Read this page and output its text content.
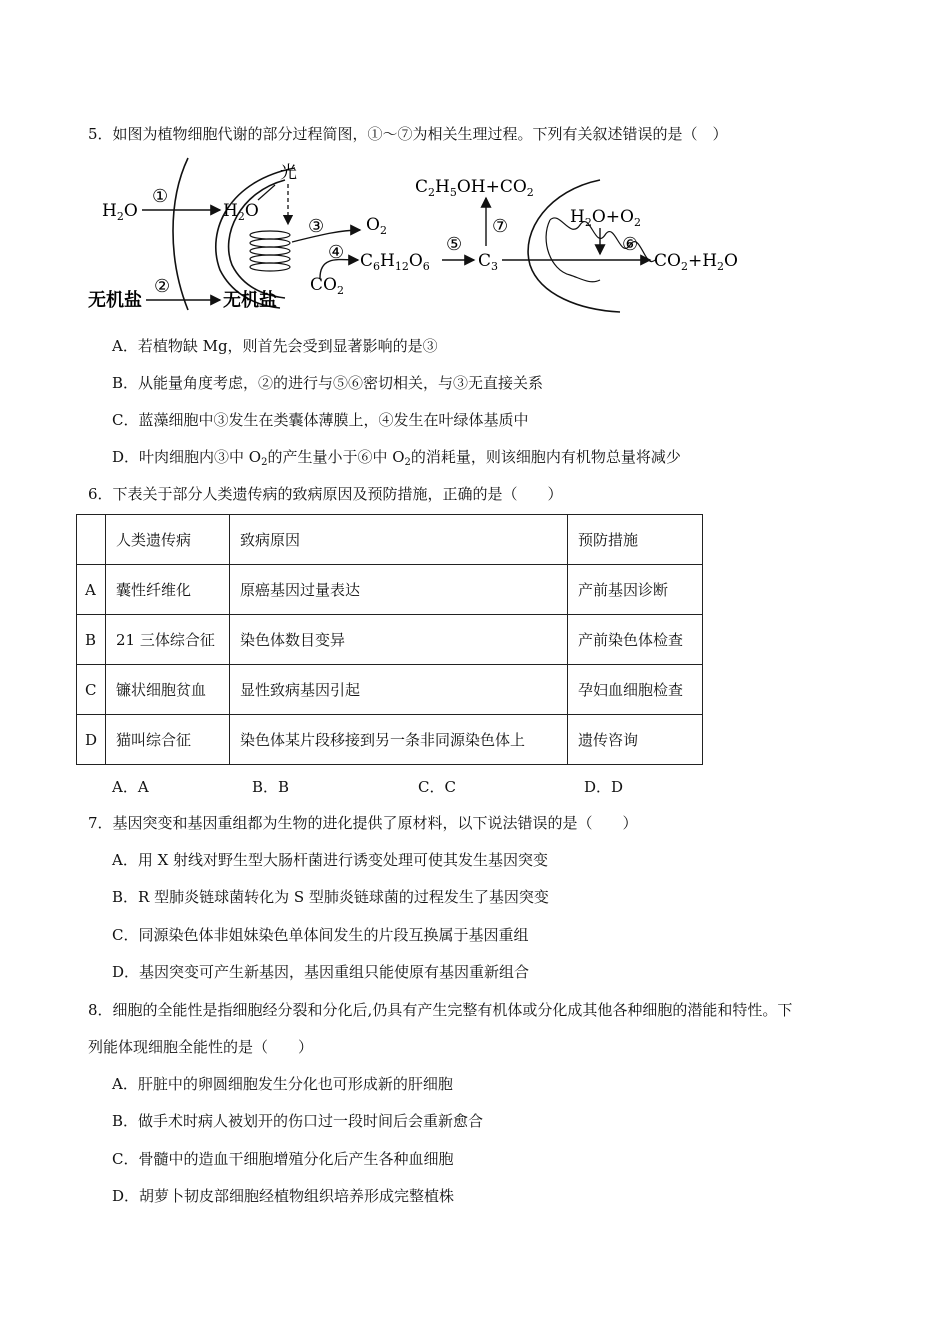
5．如图为植物细胞代谢的部分过程简图，①～⑦为相关生理过程。下列有关叙述错误的是（　）
$H_2O$
①
$H_2O$
光
③ $O_2$
④
$CO_2$
$C_6H_{12}O_6$
⑤
$C_3$
⑦
$C_2H_5OH+CO_2$
$H_2O+O_2$
⑥
$CO_2+H_2O$
无机盐
②
无机盐
A．若植物缺 Mg，则首先会受到显著影响的是③
B．从能量角度考虑，②的进行与⑤⑥密切相关，与③无直接关系
C．蓝藻细胞中③发生在类囊体薄膜上，④发生在叶绿体基质中
D．叶肉细胞内③中 $O_2$的产生量小于⑥中 $O_2$的消耗量，则该细胞内有机物总量将减少
6．下表关于部分人类遗传病的致病原因及预防措施，正确的是（　　）
	人类遗传病	致病原因	预防措施
A	囊性纤维化	原癌基因过量表达	产前基因诊断
B	21 三体综合征	染色体数目变异	产前染色体检查
C	镰状细胞贫血	显性致病基因引起	孕妇血细胞检查
D	猫叫综合征	染色体某片段移接到另一条非同源染色体上	遗传咨询
A．A	B．B	C．C	D．D
7．基因突变和基因重组都为生物的进化提供了原材料，以下说法错误的是（　　）
A．用 X 射线对野生型大肠杆菌进行诱变处理可使其发生基因突变
B．R 型肺炎链球菌转化为 S 型肺炎链球菌的过程发生了基因突变
C．同源染色体非姐妹染色单体间发生的片段互换属于基因重组
D．基因突变可产生新基因，基因重组只能使原有基因重新组合
8．细胞的全能性是指细胞经分裂和分化后,仍具有产生完整有机体或分化成其他各种细胞的潜能和特性。下
列能体现细胞全能性的是（　　）
A．肝脏中的卵圆细胞发生分化也可形成新的肝细胞
B．做手术时病人被划开的伤口过一段时间后会重新愈合
C．骨髓中的造血干细胞增殖分化后产生各种血细胞
D．胡萝卜韧皮部细胞经植物组织培养形成完整植株
